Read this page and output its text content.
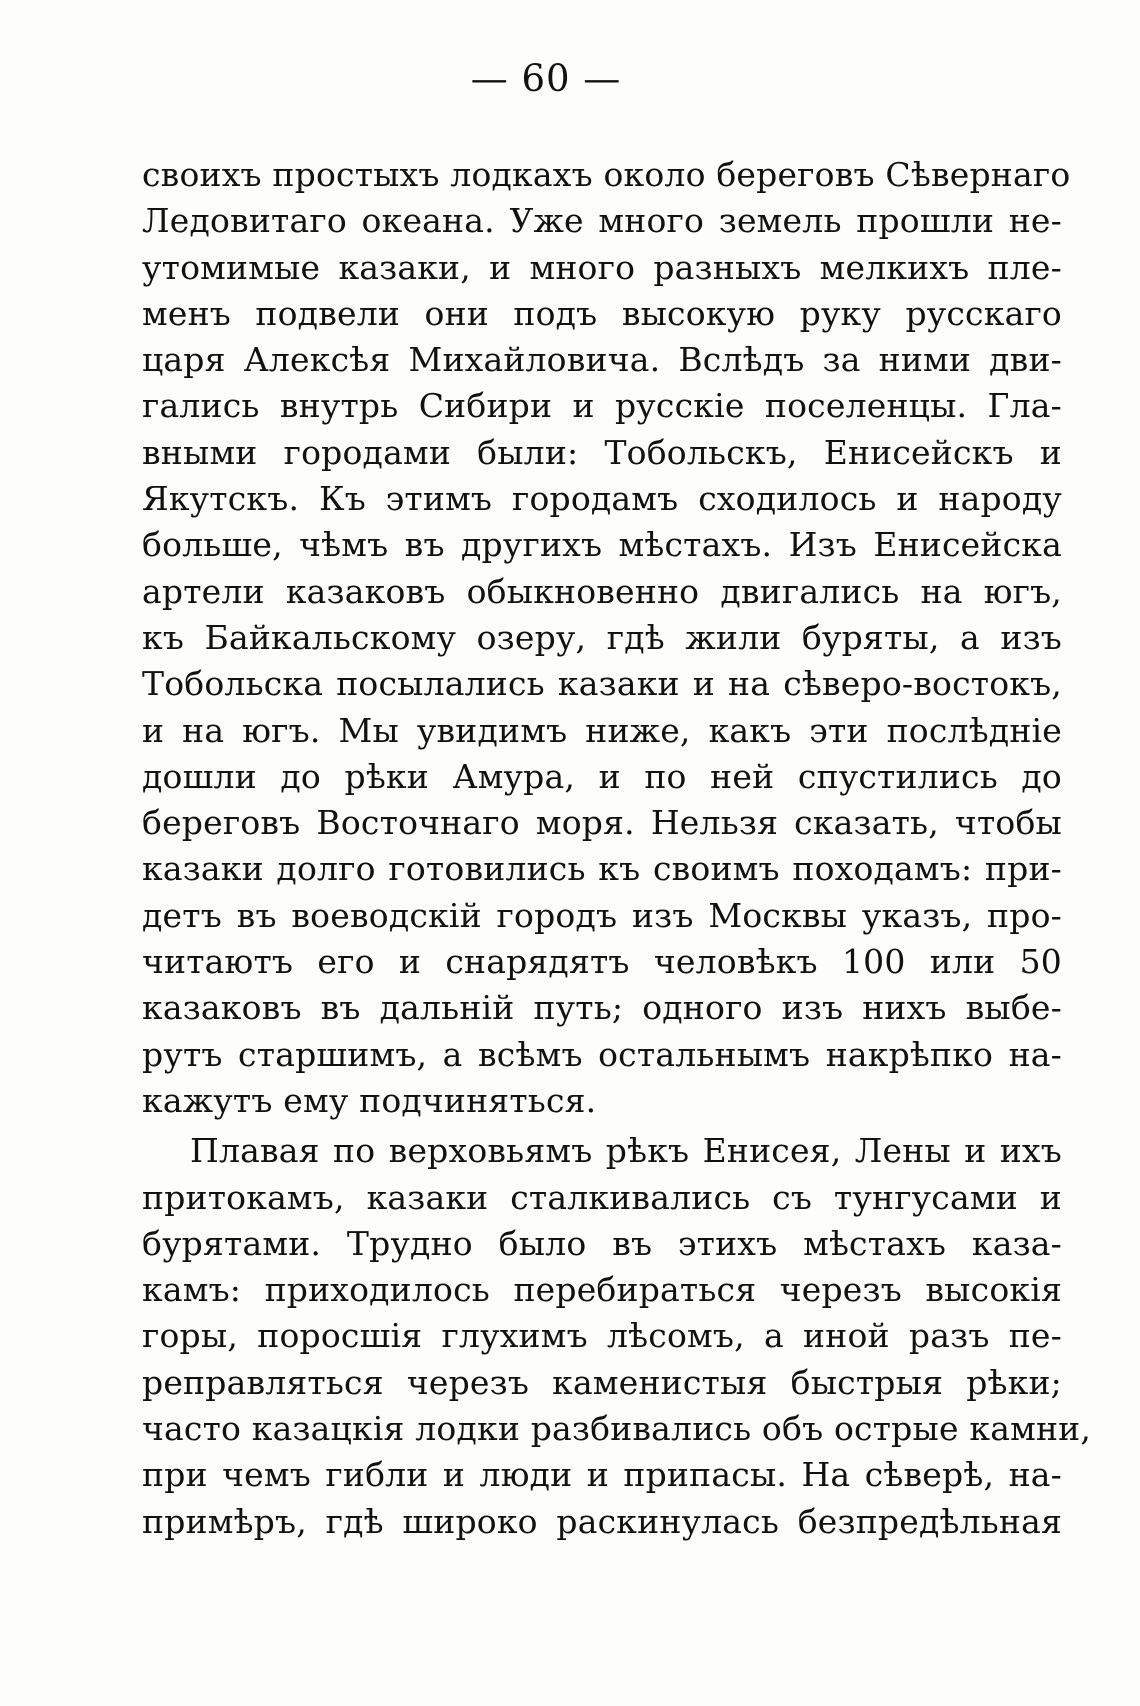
— 60 —
своихъ простыхъ лодкахъ около береговъ Сѣвернаго
Ледовитаго океана. Уже много земель прошли не-
утомимые казаки, и много разныхъ мелкихъ пле-
менъ подвели они подъ высокую руку русскаго
царя Алексѣя Михайловича. Вслѣдъ за ними дви-
гались внутрь Сибири и русскіе поселенцы. Гла-
вными городами были: Тобольскъ, Енисейскъ и
Якутскъ. Къ этимъ городамъ сходилось и народу
больше, чѣмъ въ другихъ мѣстахъ. Изъ Енисейска
артели казаковъ обыкновенно двигались на югъ,
къ Байкальскому озеру, гдѣ жили буряты, а изъ
Тобольска посылались казаки и на сѣверо-востокъ,
и на югъ. Мы увидимъ ниже, какъ эти послѣдніе
дошли до рѣки Амура, и по ней спустились до
береговъ Восточнаго моря. Нельзя сказать, чтобы
казаки долго готовились къ своимъ походамъ: при-
детъ въ воеводскій городъ изъ Москвы указъ, про-
читаютъ его и снарядятъ человѣкъ 100 или 50
казаковъ въ дальній путь; одного изъ нихъ выбе-
рутъ старшимъ, а всѣмъ остальнымъ накрѣпко на-
кажутъ ему подчиняться.
Плавая по верховьямъ рѣкъ Енисея, Лены и ихъ
притокамъ, казаки сталкивались съ тунгусами и
бурятами. Трудно было въ этихъ мѣстахъ каза-
камъ: приходилось перебираться черезъ высокія
горы, поросшія глухимъ лѣсомъ, а иной разъ пе-
реправляться черезъ каменистыя быстрыя рѣки;
часто казацкія лодки разбивались объ острые камни,
при чемъ гибли и люди и припасы. На сѣверѣ, на-
примѣръ, гдѣ широко раскинулась безпредѣльная
